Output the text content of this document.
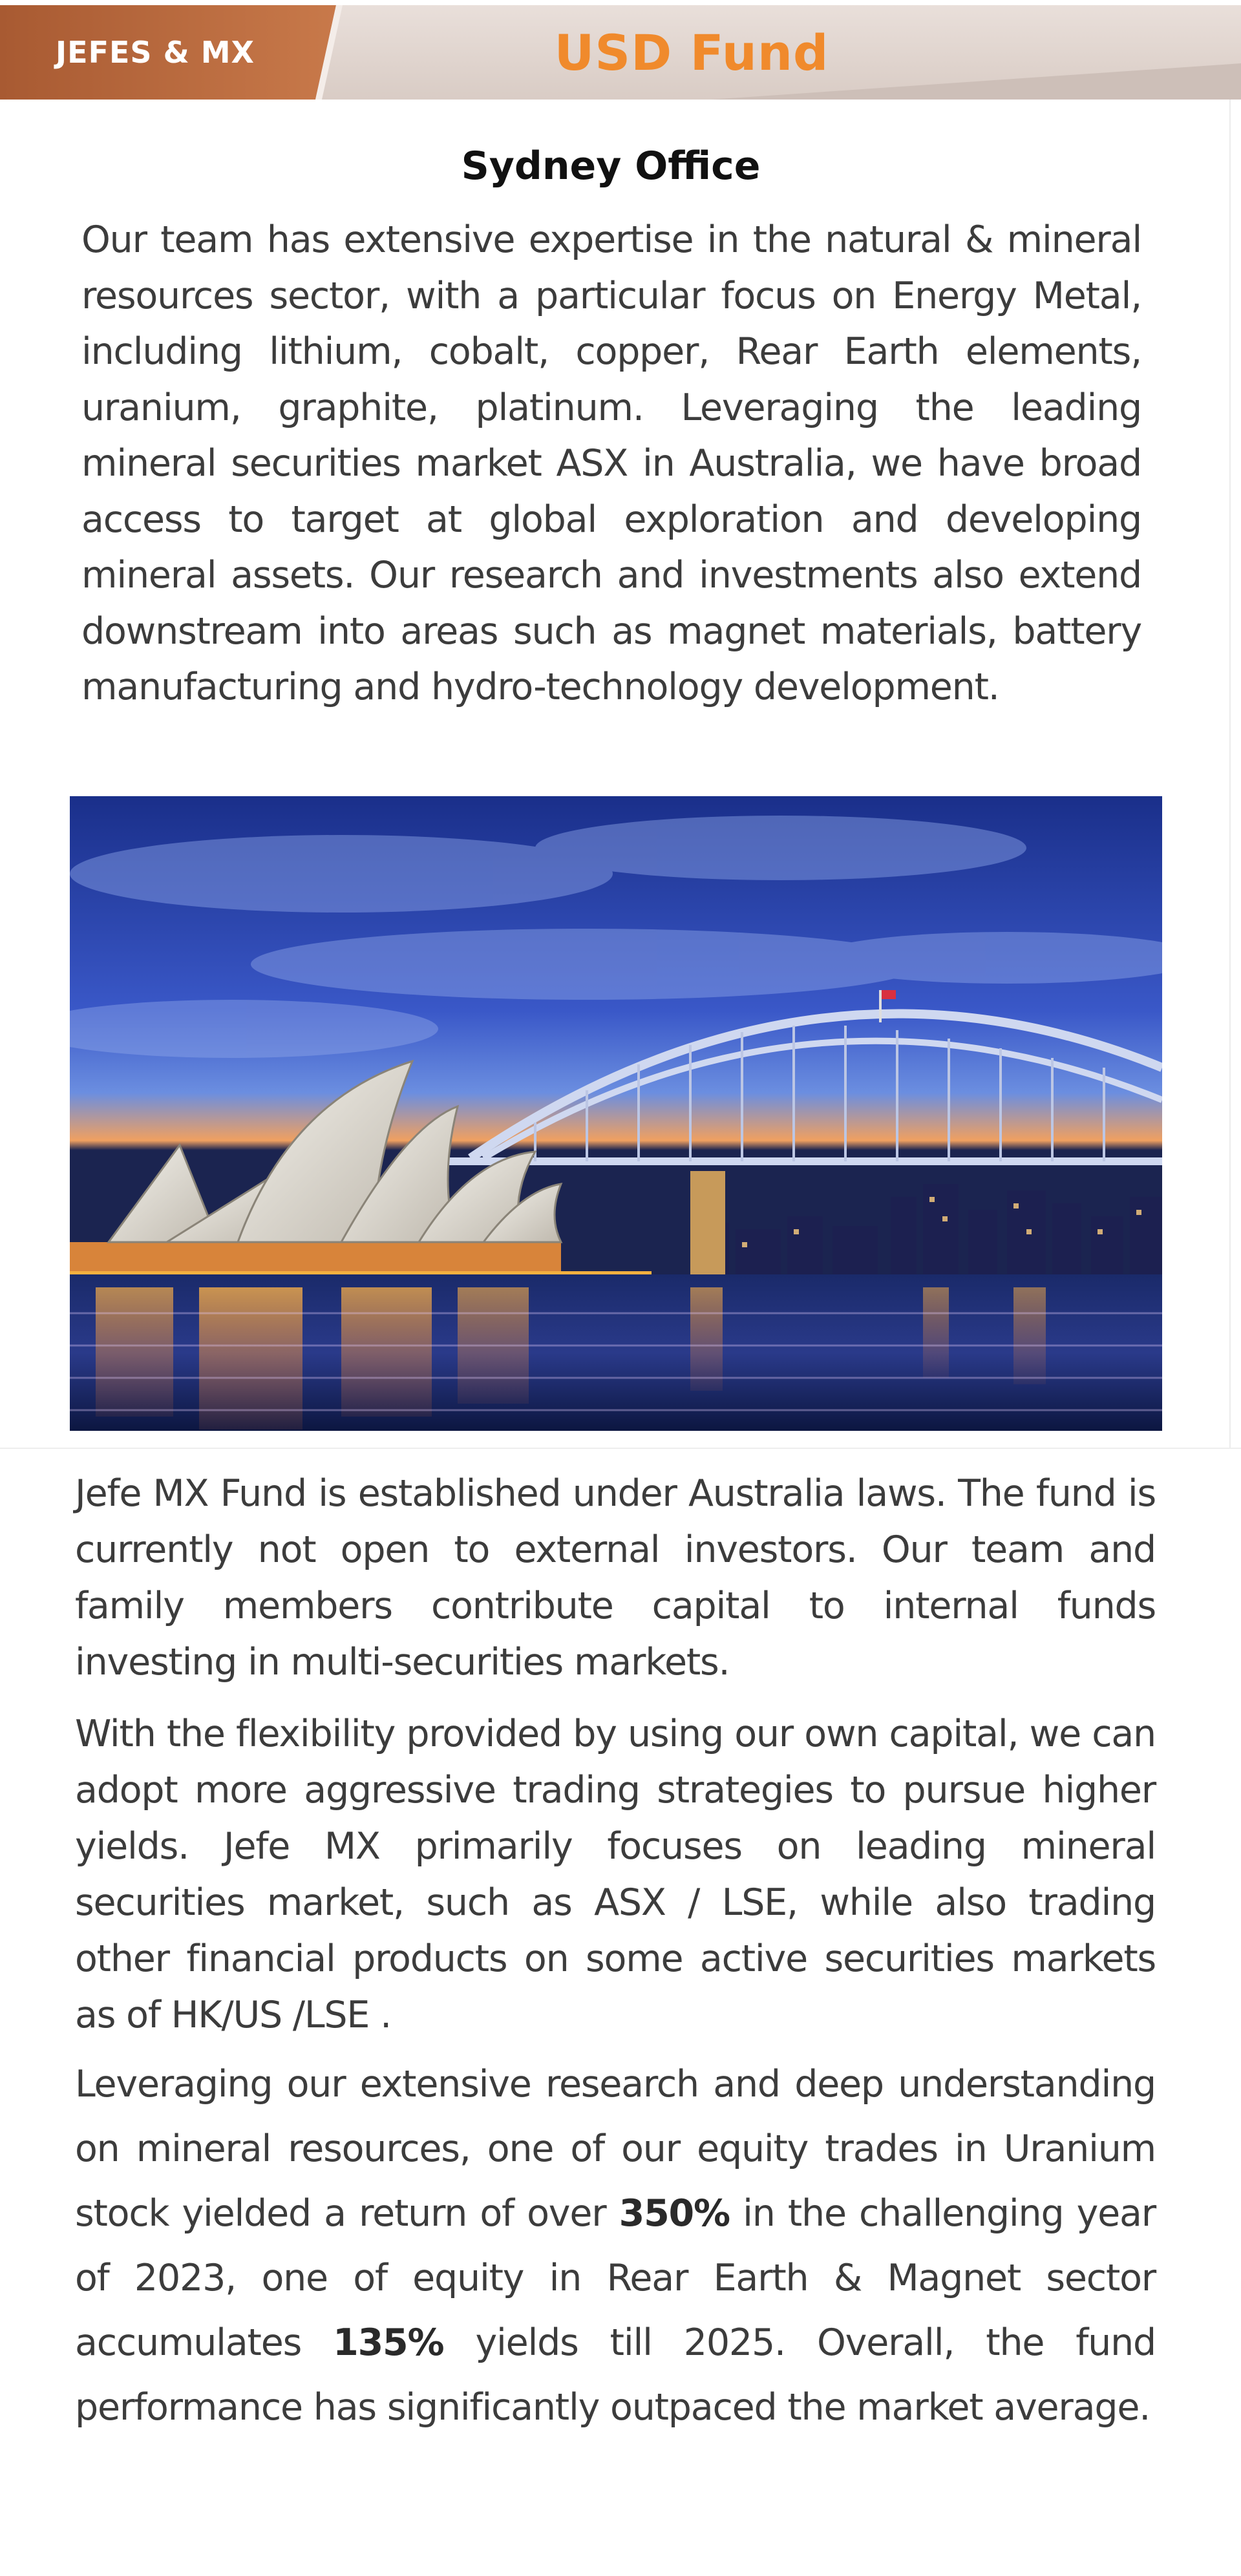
JEFES & MX	USD Fund
Sydney Office

Our team has extensive expertise in the natural & mineral resources sector, with a particular focus on Energy Metal, including lithium, cobalt, copper, Rear Earth elements, uranium, graphite, platinum. Leveraging the leading mineral securities market ASX in Australia, we have broad access to target at global exploration and developing mineral assets. Our research and investments also extend downstream into areas such as magnet materials, battery manufacturing and hydro-technology development.

Jefe MX Fund is established under Australia laws. The fund is currently not open to external investors. Our team and family members contribute capital to internal funds investing in multi-securities markets.

With the flexibility provided by using our own capital, we can adopt more aggressive trading strategies to pursue higher yields. Jefe MX primarily focuses on leading mineral securities market, such as ASX / LSE, while also trading other financial products on some active securities markets as of HK/US /LSE .

Leveraging our extensive research and deep understanding on mineral resources, one of our equity trades in Uranium stock yielded a return of over 350% in the challenging year of 2023, one of equity in Rear Earth & Magnet sector accumulates 135% yields till 2025. Overall, the fund performance has significantly outpaced the market average.
